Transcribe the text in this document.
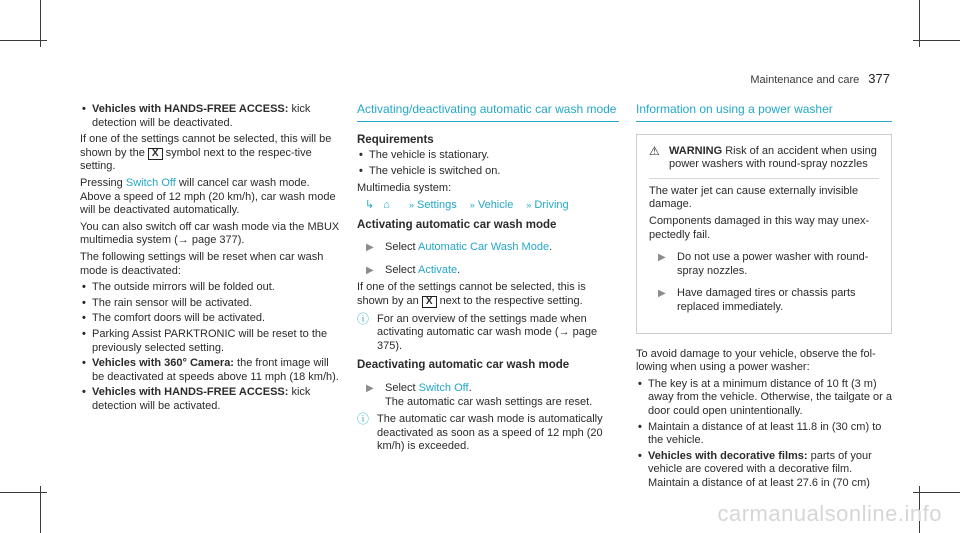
Maintenance and care 377
• Vehicles with HANDS-FREE ACCESS: kick detection will be deactivated.

If one of the settings cannot be selected, this will be shown by the X symbol next to the respec-tive setting.

Pressing Switch Off will cancel car wash mode. Above a speed of 12 mph (20 km/h), car wash mode will be deactivated automatically.

You can also switch off car wash mode via the MBUX multimedia system (→ page 377).

The following settings will be reset when car wash mode is deactivated:

• The outside mirrors will be folded out.
• The rain sensor will be activated.
• The comfort doors will be activated.
• Parking Assist PARKTRONIC will be reset to the previously selected setting.
• Vehicles with 360° Camera: the front image will be deactivated at speeds above 11 mph (18 km/h).
• Vehicles with HANDS-FREE ACCESS: kick detection will be activated.
Activating/deactivating automatic car wash mode
Requirements
• The vehicle is stationary.
• The vehicle is switched on.

Multimedia system:

↳ ⌂ » Settings » Vehicle » Driving
Activating automatic car wash mode
▶ Select Automatic Car Wash Mode.
▶ Select Activate.

If one of the settings cannot be selected, this is shown by an X next to the respective setting.

ⓘ For an overview of the settings made when activating automatic car wash mode (→ page 375).
Deactivating automatic car wash mode
▶ Select Switch Off.
The automatic car wash settings are reset.
ⓘ The automatic car wash mode is automatically deactivated as soon as a speed of 12 mph (20 km/h) is exceeded.
Information on using a power washer
⚠ WARNING Risk of an accident when using power washers with round-spray nozzles

The water jet can cause externally invisible damage.

Components damaged in this way may unex-pectedly fail.

▶ Do not use a power washer with round-spray nozzles.
▶ Have damaged tires or chassis parts replaced immediately.

To avoid damage to your vehicle, observe the fol-lowing when using a power washer:

• The key is at a minimum distance of 10 ft (3 m) away from the vehicle. Otherwise, the tailgate or a door could open unintentionally.
• Maintain a distance of at least 11.8 in (30 cm) to the vehicle.
• Vehicles with decorative films: parts of your vehicle are covered with a decorative film. Maintain a distance of at least 27.6 in (70 cm)
carmanualsonline.info
